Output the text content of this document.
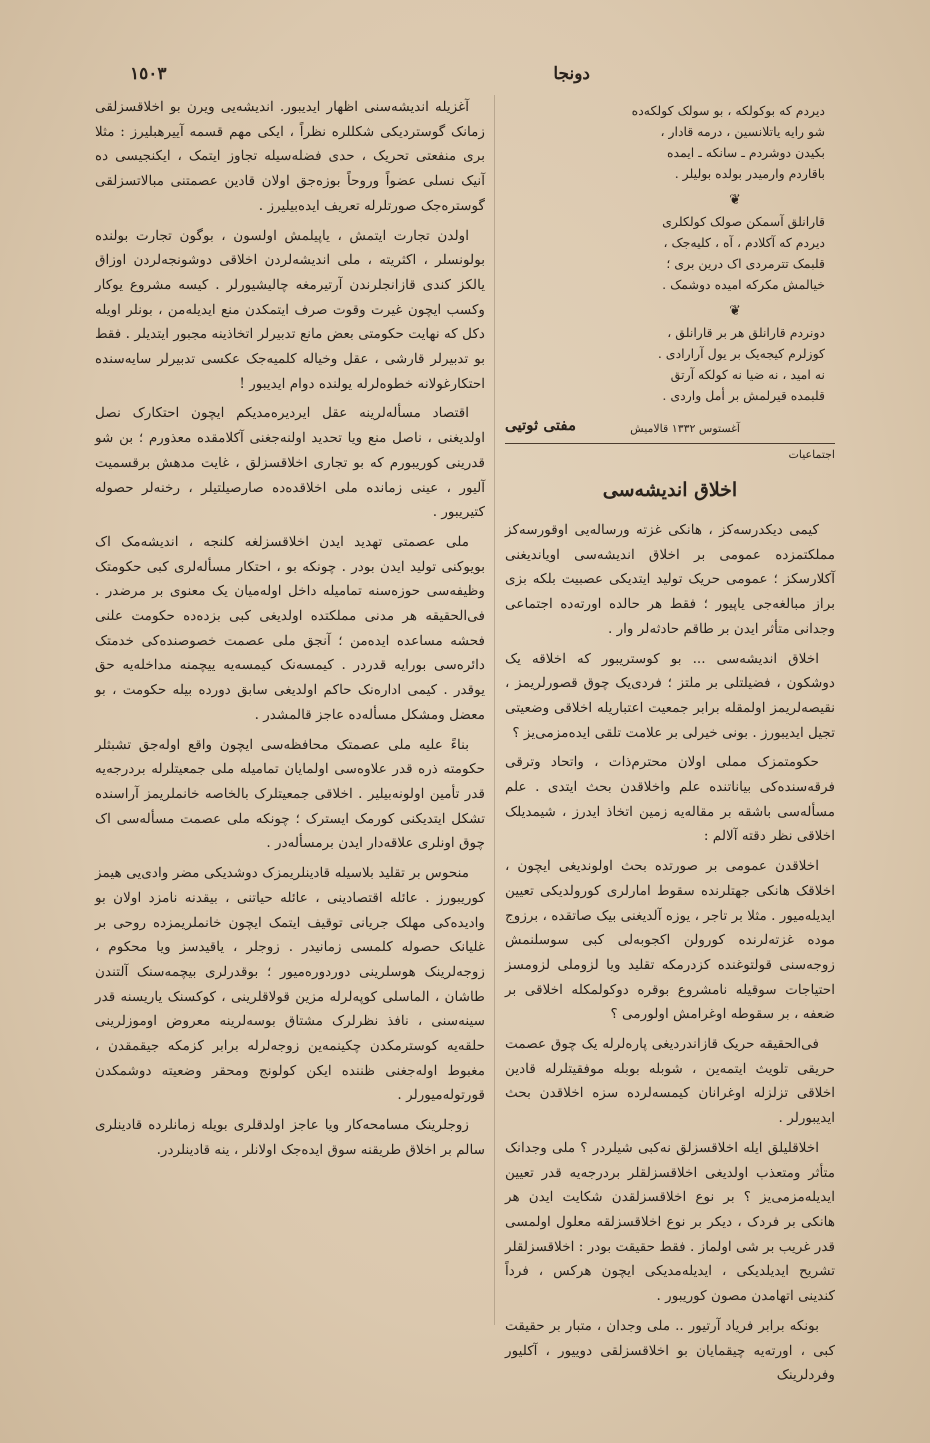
١٥٠٣	دونجا

آغزیله اندیشه‌سنی اظهار ایدیبور. اندیشه‌یی ویرن بو اخلاقسزلقی زمانک گوستردیکی شکللره نظراً ، ایکی مهم قسمه آییرهبلیرز : مثلا بری منفعتی تحریک ، حدی فضله‌سیله تجاوز ایتمک ، ایکنجیسی ده آنیک نسلی عضواً وروحاً بوزه‌جق اولان قادین عصمتنی مبالاتسزلقی گوستره‌جک صورتلرله تعریف ایده‌بیلیرز .

اولدن تجارت ایتمش ، یاپیلمش اولسون ، بوگون تجارت بولنده بولونسلر ، اکثریته ، ملی اندیشه‌لردن اخلاقی دوشونجه‌لردن اوزاق یالکز کندی قازانجلرندن آرتیرمغه چالیشیورلر . کیسه مشروع یوکار وکسب ایچون غیرت وقوت صرف ایتمکدن منع ایدیله‌من ، بونلر اویله دکل که نهایت حکومتی بعض مانع تدبیرلر اتخاذینه مجبور ایتدیلر . فقط بو تدبیرلر قارشی ، عقل وخیاله کلمیه‌جک عکسی تدبیرلر سایه‌سنده احتکارغولانه خطوه‌لرله یولنده دوام ایدیبور !

اقتصاد مسأله‌لرینه عقل ایردیره‌مدیکم ایچون احتکارک نصل اولدیغنی ، ناصل منع ویا تحدید اولنه‌جغنی آکلامقده معذورم ؛ بن شو قدرینی کوریبورم که بو تجاری اخلاقسزلق ، غایت مدهش برقسمیت آلیور ، عینی زمانده ملی اخلاقده‌ده صارصیلتیلر ، رخنه‌لر حصوله کتیریبور .

ملی عصمتی تهدید ایدن اخلاقسزلغه کلنجه ، اندیشه‌مک اک بویوکنی تولید ایدن بودر . چونکه بو ، احتکار مسأله‌لری کبی حکومتک وظیفه‌سی حوزه‌سنه تمامیله داخل اوله‌میان یک معنوی بر مرضدر . فی‌الحقیقه هر مدنی مملکتده اولدیغی کبی بزده‌ده حکومت علنی فحشه مساعده ایده‌من ؛ آنجق ملی عصمت خصوصنده‌کی خدمتک دائره‌سی بورایه قدردر . کیمسه‌نک کیمسه‌یه ییچمنه مداخله‌یه حق یوقدر . کیمی اداره‌نک حاکم اولدیغی سابق دورده بیله حکومت ، بو معضل ومشکل مسأله‌ده عاجز قالمشدر .

بناءً علیه ملی عصمتک محافظه‌سی ایچون واقع اوله‌جق تشبثلر حکومته ذره قدر علاوه‌سی اولمایان تمامیله ملی جمعیتلرله بردرجه‌یه قدر تأمین اولونه‌بیلیر . اخلاقی جمعیتلرک بالخاصه خانملریمز آراسنده تشکل ایتدیکنی کورمک ایسترک ؛ چونکه ملی عصمت مسأله‌سی اک چوق اونلری علاقه‌دار ایدن برمسأله‌در .

منحوس بر تقلید بلاسیله قادینلریمزک دوشدیکی مضر وادی‌یی هیمز کوریبورز . عائله اقتصادینی ، عائله حیاتنی ، بیقدنه نامزد اولان بو وادیده‌کی مهلک جریانی توقیف ایتمک ایچون خانملریمزده روحی بر غلیانک حصوله کلمسی زمانیدر . زوجلر ، یاقیدسز ویا محکوم ، زوجه‌لرینک هوسلرینی دوردوره‌میور ؛ بوقدرلری بیچمه‌سنک آلتندن طاشان ، الماسلی کوپه‌لرله مزین قولاقلرینی ، کوکسنک یاریسنه قدر سینه‌سنی ، نافذ نظرلرک مشتاق بوسه‌لرینه معروض اوموزلرینی حلقه‌یه کوسترمکدن چکینمه‌ین زوجه‌لرله برابر کزمکه جیقمقدن ، مغبوط اوله‌جغنی ظننده ایکن کولونج ومحقر وضعیته دوشمکدن قورتوله‌میورلر .

زوجلرینک مسامحه‌کار ویا عاجز اولدقلری بویله زمانلرده قادینلری سالم بر اخلاق طریقنه سوق ایده‌جک اولانلر ، ینه قادینلردر.

دیردم که بوکولکه ، بو سولک کولکه‌ده
شو رایه یاتلانسین ، درمه قادار ،
بکیدن دوشردم ـ سانکه ـ ایمده
باقاردم وارمیدر بولده بولیلر .
❦
قارانلق آسمکن صولک کولکلری
دیردم که آکلادم ، آه ، کلیه‌جک ،
قلبمک تترمردی اک درین بری ؛
خیالمش مکرکه امیده دوشمک .
❦
دونردم قارانلق هر بر قارانلق ،
کوزلرم کیجه‌یک بر یول آرارادی .
نه امید ، نه ضیا نه کولکه آرتق
قلبمده قیرلمش بر أمل واردی .
آغستوس ١٣٣٢ قالامیش
مفتی ثوتیی
اجتماعیات
اخلاق اندیشه‌سی

کیمی دیکدرسه‌کز ، هانکی غزته ورساله‌یی اوقورسه‌کز مملکتمزده عمومی بر اخلاق اندیشه‌سی اویاندیغنی آکلارسکز ؛ عمومی حریک تولید ایتدیکی عصبیت بلکه بزی براز مبالغه‌جی یاپیور ؛ فقط هر حالده اورته‌ده اجتماعی وجدانی متأثر ایدن بر طاقم حادثه‌لر وار .

اخلاق اندیشه‌سی ... بو کوستریبور که اخلاقه یک دوشکون ، فضیلتلی بر ملتز ؛ فردی‌یک چوق قصورلریمز ، نقیصه‌لریمز اولمقله برابر جمعیت اعتباریله اخلاقی وضعیتی تجیل ایدیبورز . بونی خیرلی بر علامت تلقی ایده‌مزمی‌یز ؟

حکومتمزک مملی اولان محترم‌ذات ، واتحاد وترقی فرقه‌سنده‌کی بیاناتنده علم واخلاقدن بحث ایتدی . علم مسأله‌سی باشقه بر مقاله‌یه زمین اتخاذ ایدرز ، شیمدیلک اخلاقی نظر دقته آلالم :

اخلاقدن عمومی بر صورتده بحث اولوندیغی ایچون ، اخلاقک هانکی جهتلرنده سقوط امارلری کورولدیکی تعیین ایدیله‌میور . مثلا بر تاجر ، یوزه آلدیغنی بیک صاتقده ، برزوج موده غزته‌لرنده کورولن اکجوبه‌لی کبی سوسلنمش زوجه‌سنی قولتوغنده کزدرمکه تقلید ویا لزوملی لزومسز احتیاجات سوقیله نامشروع بوقره دوکولمکله اخلاقی بر ضعفه ، بر سقوطه اوغرامش اولورمی ؟

فی‌الحقیقه حریک قازاندردیغی پاره‌لرله یک چوق عصمت حریقی تلویث ایتمه‌ین ، شوبله بوبله موفقیتلرله قادین اخلاقی تزلزله اوغرانان کیمسه‌لرده سزه اخلاقدن بحث ایدیبورلر .

اخلاقلیلق ایله اخلاقسزلق نه‌کبی شیلردر ؟ ملی وجدانک متأثر ومتعذب اولدیغی اخلاقسزلقلر بردرجه‌یه قدر تعیین ایدیله‌مزمی‌یز ؟ بر نوع اخلاقسزلقدن شکایت ایدن هر هانکی بر فردک ، دیکر بر نوع اخلاقسزلقه معلول اولمسی قدر غریب بر شی اولماز . فقط حقیقت بودر : اخلاقسزلقلر تشریح ایدیلدیکی ، ایدیله‌مدیکی ایچون هرکس ، فرداً کندینی اتهامدن مصون کوریبور .

بونکه برابر فریاد آرتیور .. ملی وجدان ، متبار بر حقیقت کبی ، اورته‌یه چیقمایان بو اخلاقسزلقی دوییور ، آکلیور وفردلرینک
